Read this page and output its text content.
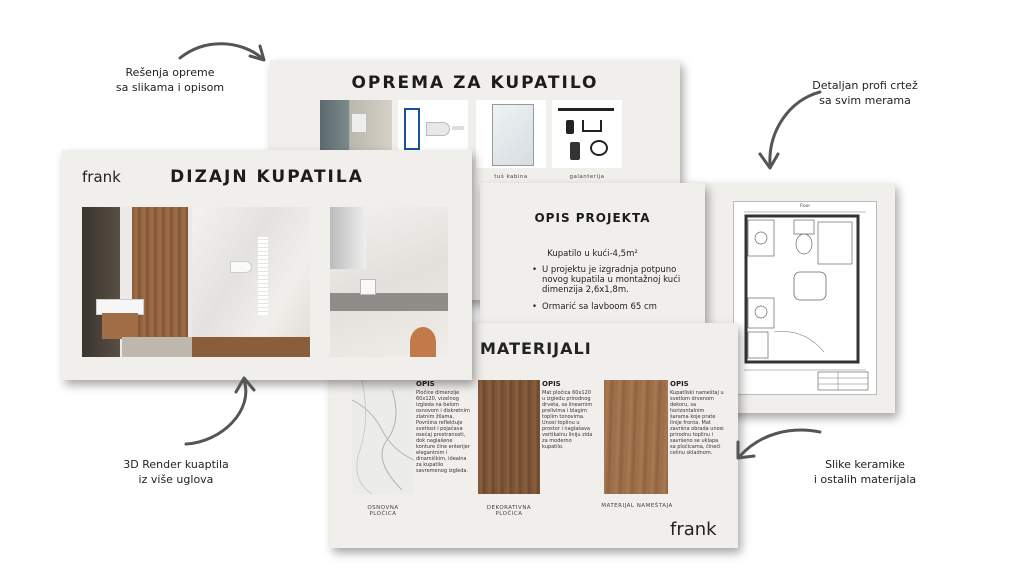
Rešenja opreme
sa slikama i opisom	Detaljan profi crtež
sa svim merama
3D Render kuaptila
iz više uglova
Slike keramike
i ostalih materijala
OPREMA ZA KUPATILO
tuš kabina	galanterija
Floor
OPIS PROJEKTA
Kupatilo u kući-4,5m²
• U projektu je izgradnja potpuno novog kupatila u montažnoj kući dimenzija 2,6x1,8m.
• Ormarić sa lavboom 65 cm
MATERIJALI
OPIS
Pločice dimenzije 60x120, vizelnog izgleda na belom osnovom i diskretnim zlatnim žilama, Površina reflektuje svetlost i pojačava osećaj prostranosti, dok naglašene konture čine enterijer elegantnim i dinamičkim, idealna za kupatilo savremenog izgleda.
OSNOVNA
PLOČICA
OPIS
Mat pločica 60x120 u izgledu prirodnog drveta, sa linearnim prelivima i blagim toplim tonovima. Unosi toplinu u prostor i naglašava vertikalnu liniju zida za moderno kupatilo.
DEKORATIVNA
PLOČICA
OPIS
Kupatilski nameštaj u svetlom drvenom dekoru, sa horizontalnim šarama koje prate linije fronta. Mat završna obrada unosi prirodnu toplinu i savršeno se uklapa sa pločicama, čineći celinu skladnom.
MATERIJAL NAMEŠTAJA
frank
frank	DIZAJN KUPATILA
